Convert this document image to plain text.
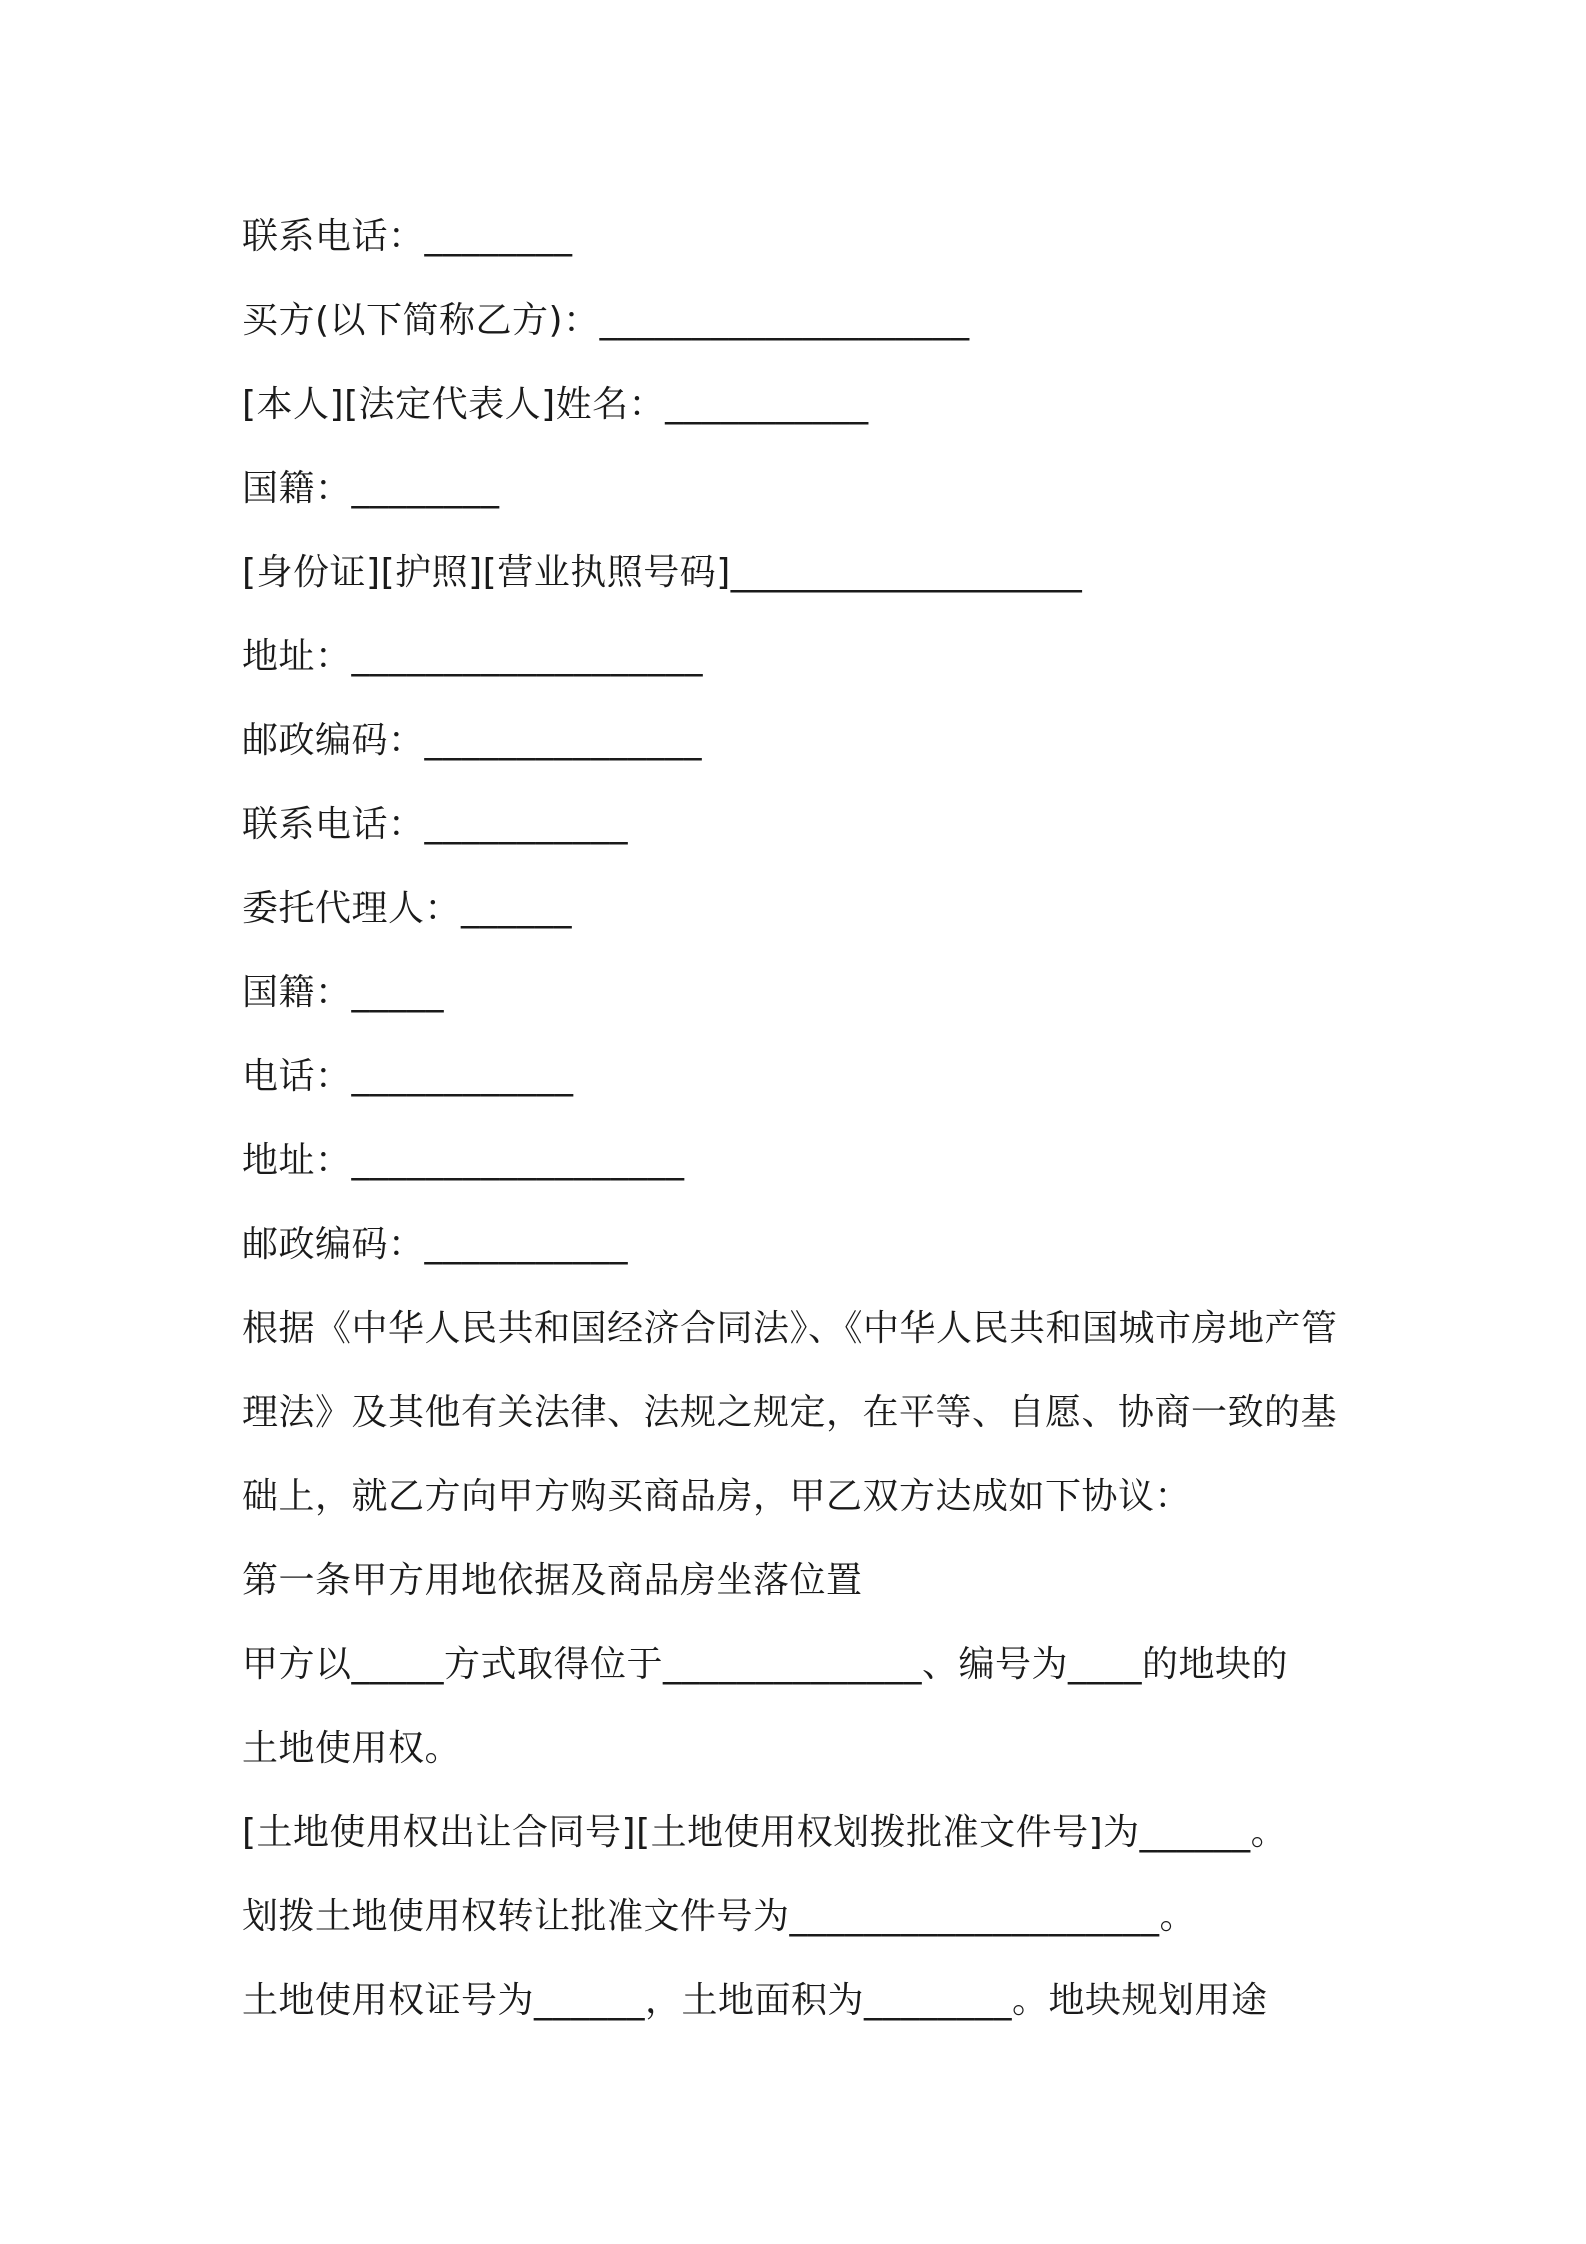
联系电话：________
买方(以下简称乙方)：____________________
[本人][法定代表人]姓名：___________
国籍：________
[身份证][护照][营业执照号码]___________________
地址：___________________
邮政编码：_______________
联系电话：___________
委托代理人：______
国籍：_____
电话：____________
地址：__________________
邮政编码：___________
根据《中华人民共和国经济合同法》、《中华人民共和国城市房地产管
理法》及其他有关法律、法规之规定，在平等、自愿、协商一致的基
础上，就乙方向甲方购买商品房，甲乙双方达成如下协议：
第一条甲方用地依据及商品房坐落位置
甲方以_____方式取得位于______________、编号为____的地块的
土地使用权。
[土地使用权出让合同号][土地使用权划拨批准文件号]为______。
划拨土地使用权转让批准文件号为____________________。
土地使用权证号为______，土地面积为________。地块规划用途
